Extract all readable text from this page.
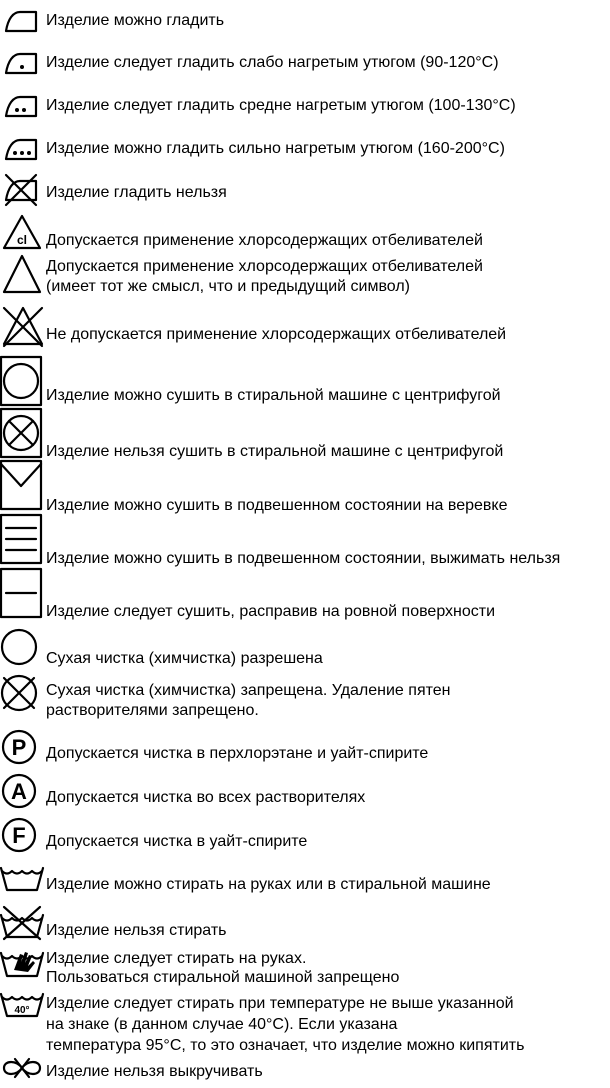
Изделие можно гладить
Изделие следует гладить слабо нагретым утюгом (90-120°С)
Изделие следует гладить средне нагретым утюгом (100-130°С)
Изделие можно гладить сильно нагретым утюгом (160-200°С)
Изделие гладить нельзя
cl Допускается применение хлорсодержащих отбеливателей
Допускается применение хлорсодержащих отбеливателей
(имеет тот же смысл, что и предыдущий символ)
Не допускается применение хлорсодержащих отбеливателей
Изделие можно сушить в стиральной машине с центрифугой
Изделие нельзя сушить в стиральной машине с центрифугой
Изделие можно сушить в подвешенном состоянии на веревке
Изделие можно сушить в подвешенном состоянии, выжимать нельзя
Изделие следует сушить, расправив на ровной поверхности
Сухая чистка (химчистка) разрешена
Сухая чистка (химчистка) запрещена. Удаление пятен
растворителями запрещено.
P Допускается чистка в перхлорэтане и уайт-спирите
A Допускается чистка во всех растворителях
F Допускается чистка в уайт-спирите
Изделие можно стирать на руках или в стиральной машине
Изделие нельзя стирать
Изделие следует стирать на руках.
Пользоваться стиральной машиной запрещено
40° Изделие следует стирать при температуре не выше указанной
на знаке (в данном случае 40°С). Если указана
температура 95°С, то это означает, что изделие можно кипятить
Изделие нельзя выкручивать
